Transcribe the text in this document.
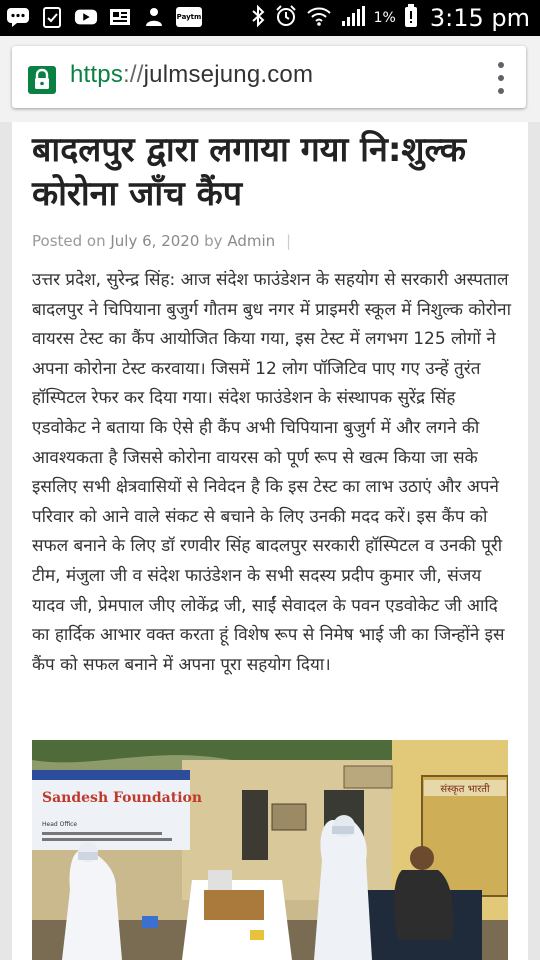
Paytm	1% 3:15 pm
https://julmsejung.com
बादलपुर द्वारा लगाया गया नि:शुल्क कोरोना जाँच कैंप
Posted on July 6, 2020 by Admin |

उत्तर प्रदेश, सुरेन्द्र सिंह: आज संदेश फाउंडेशन के सहयोग से सरकारी अस्पताल बादलपुर ने चिपियाना बुजुर्ग गौतम बुध नगर में प्राइमरी स्कूल में निशुल्क कोरोना वायरस टेस्ट का कैंप आयोजित किया गया, इस टेस्ट में लगभग 125 लोगों ने अपना कोरोना टेस्ट करवाया। जिसमें 12 लोग पॉजिटिव पाए गए उन्हें तुरंत हॉस्पिटल रेफर कर दिया गया। संदेश फाउंडेशन के संस्थापक सुरेंद्र सिंह एडवोकेट ने बताया कि ऐसे ही कैंप अभी चिपियाना बुजुर्ग में और लगने की आवश्यकता है जिससे कोरोना वायरस को पूर्ण रूप से खत्म किया जा सके इसलिए सभी क्षेत्रवासियों से निवेदन है कि इस टेस्ट का लाभ उठाएं और अपने परिवार को आने वाले संकट से बचाने के लिए उनकी मदद करें। इस कैंप को सफल बनाने के लिए डॉ रणवीर सिंह बादलपुर सरकारी हॉस्पिटल व उनकी पूरी टीम, मंजुला जी व संदेश फाउंडेशन के सभी सदस्य प्रदीप कुमार जी, संजय यादव जी, प्रेमपाल जीए लोकेंद्र जी, साईं सेवादल के पवन एडवोकेट जी आदि का हार्दिक आभार वक्त करता हूं विशेष रूप से निमेष भाई जी का जिन्होंने इस कैंप को सफल बनाने में अपना पूरा सहयोग दिया।

संस्कृत भारती
Sandesh Foundation
Head Office
